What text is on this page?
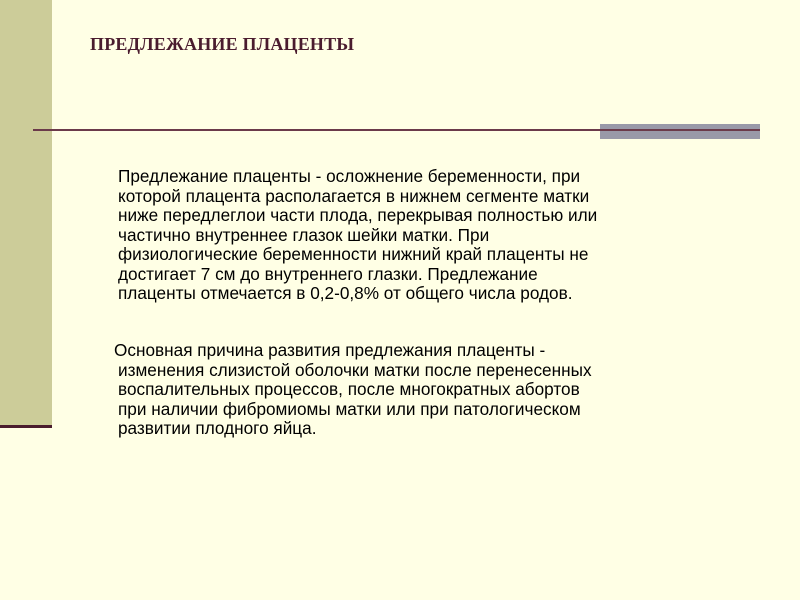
ПРЕДЛЕЖАНИЕ ПЛАЦЕНТЫ

Предлежание плаценты - осложнение беременности, при
которой плацента располагается в нижнем сегменте матки
ниже передлеглои части плода, перекрывая полностью или
частично внутреннее глазок шейки матки. При
физиологические беременности нижний край плаценты не
достигает 7 см до внутреннего глазки. Предлежание
плаценты отмечается в 0,2-0,8% от общего числа родов.

Основная причина развития предлежания плаценты -
изменения слизистой оболочки матки после перенесенных
воспалительных процессов, после многократных абортов
при наличии фибромиомы матки или при патологическом
развитии плодного яйца.
